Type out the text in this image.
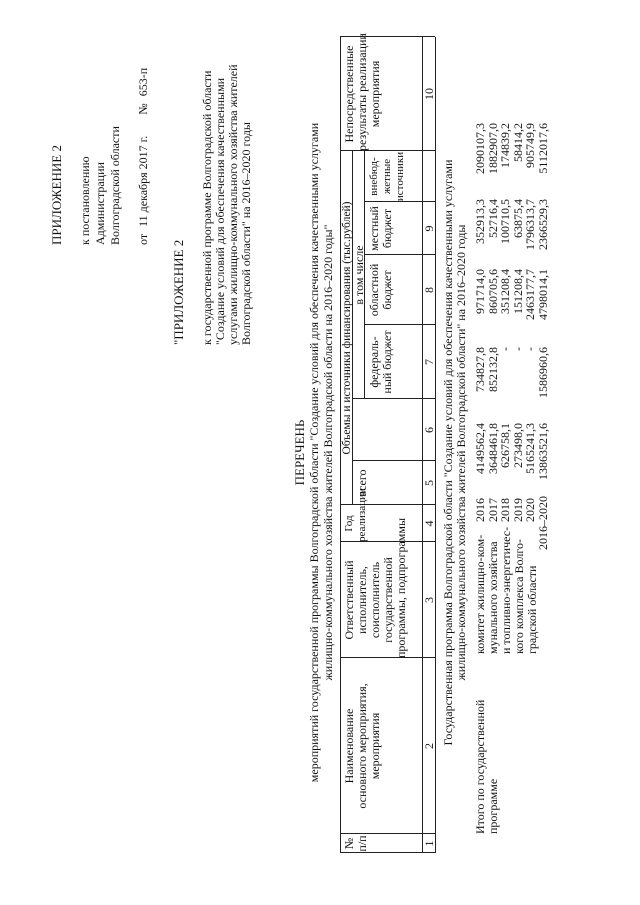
ПРИЛОЖЕНИЕ 2 к постановлению Администрации Волгоградской области от 11 декабря 2017 г. № 653-п
"ПРИЛОЖЕНИЕ 2 к государственной программе Волгоградской области "Создание условий для обеспечения качественными услугами жилищно-коммунального хозяйства жителей Волгоградской области" на 2016–2020 годы
ПЕРЕЧЕНЬ мероприятий государственной программы Волгоградской области "Создание условий для обеспечения качественными услугами жилищно-коммунального хозяйства жителей Волгоградской области на 2016–2020 годы"
№ п/п
Наименование основного мероприятия, мероприятия
Ответственный исполнитель, соисполнитель государственной программы, подпрограммы
Год реализации
Объемы и источники финансирования (тыс.рублей)
всего
в том числе
федераль- ный бюджет
областной бюджет
местный бюджет
внебюд- жетные источники
Непосредственные результаты реализации мероприятия
1
2
3
4
5
6
7
8
9
10
Государственная программа Волгоградской области "Создание условий для обеспечения качественными услугами жилищно-коммунального хозяйства жителей Волгоградской области" на 2016–2020 годы
Итого по государственной программе
комитет жилищно-ком- мунального хозяйства и топливно-энергетичес- кого комплекса Волго- градской области
2016
2017
2018
2019
2020
2016–2020
4149562,4
3648461,8
626758,1
273498,0
5165241,3
13863521,6
734827,8
852132,8
-
-
-
1586960,6
971714,0
860705,6
351208,4
151208,4
2463177,7
4798014,1
352913,3
52716,4
100710,5
63875,4
1796313,7
2366529,3
2090107,3
1882907,0
174839,2
58414,2
905749,9
5112017,6
